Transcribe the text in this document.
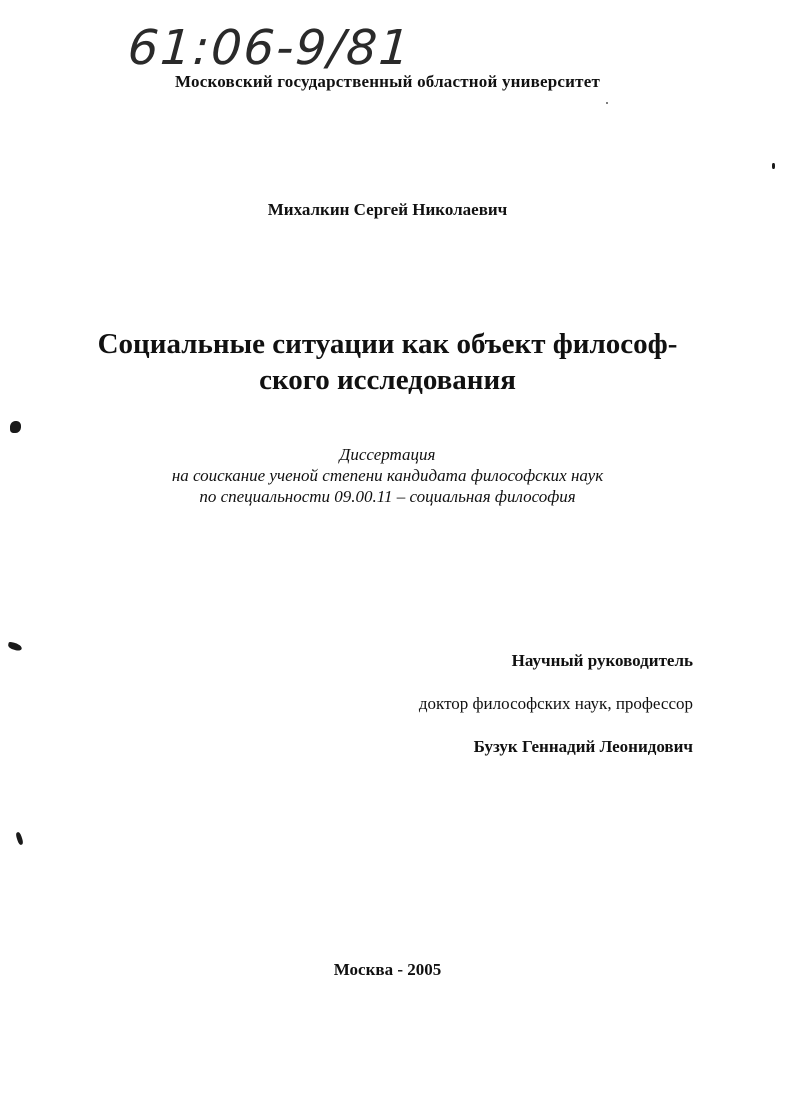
61:06-9/81

Московский государственный областной университет

Михалкин Сергей Николаевич

Социальные ситуации как объект философ-
ского исследования
Диссертация
на соискание ученой степени кандидата философских наук
по специальности 09.00.11 – социальная философия

Научный руководитель

доктор философских наук, профессор

Бузук Геннадий Леонидович

Москва - 2005
